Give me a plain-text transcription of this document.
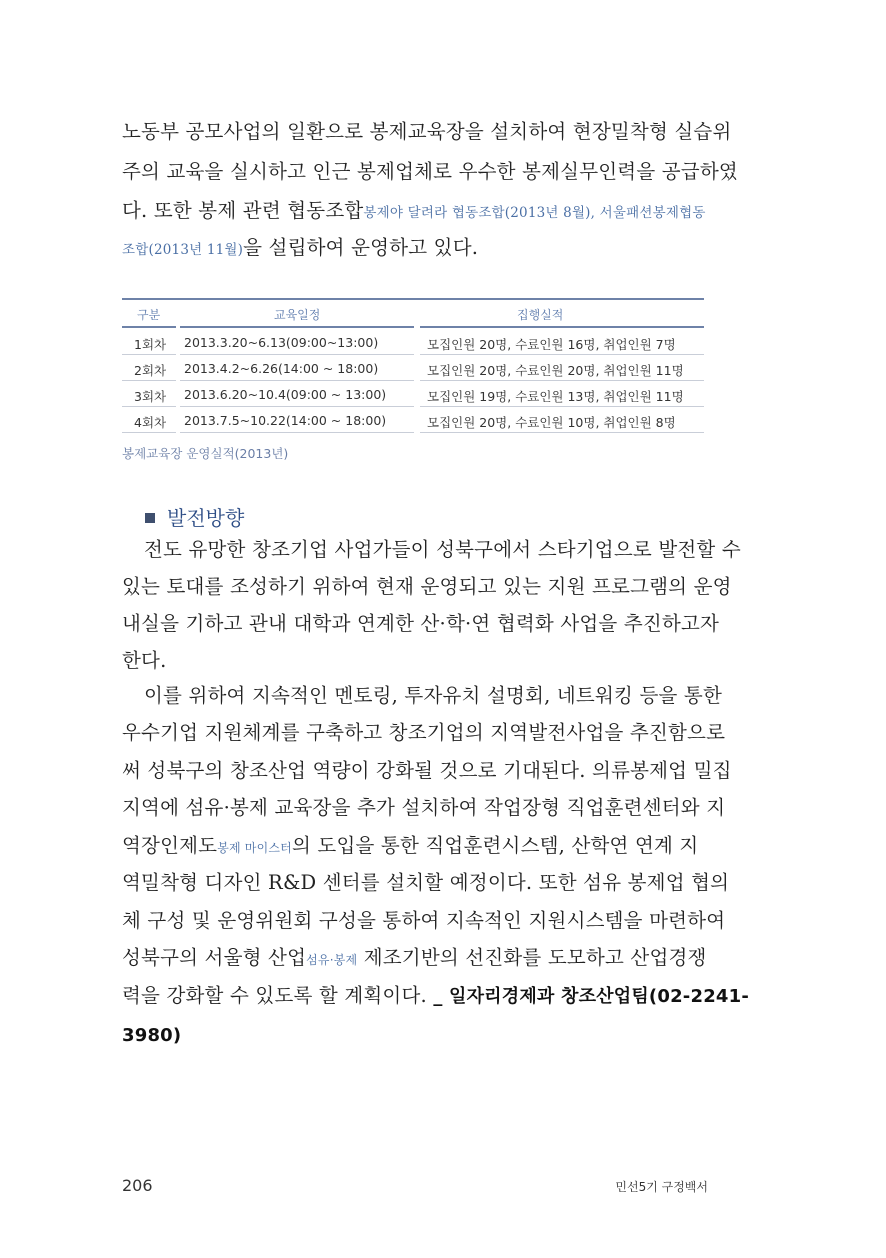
노동부 공모사업의 일환으로 봉제교육장을 설치하여 현장밀착형 실습위
주의 교육을 실시하고 인근 봉제업체로 우수한 봉제실무인력을 공급하였
다. 또한 봉제 관련 협동조합봉제야 달려라 협동조합(2013년 8월), 서울패션봉제협동
조합(2013년 11월)을 설립하여 운영하고 있다.
구분	교육일정	집행실적
1회차 2013.3.20~6.13(09:00~13:00)	모집인원 20명, 수료인원 16명, 취업인원 7명
2회차 2013.4.2~6.26(14:00 ~ 18:00)	모집인원 20명, 수료인원 20명, 취업인원 11명
3회차 2013.6.20~10.4(09:00 ~ 13:00)	모집인원 19명, 수료인원 13명, 취업인원 11명
4회차 2013.7.5~10.22(14:00 ~ 18:00)	모집인원 20명, 수료인원 10명, 취업인원 8명
봉제교육장 운영실적(2013년)
발전방향
전도 유망한 창조기업 사업가들이 성북구에서 스타기업으로 발전할 수
있는 토대를 조성하기 위하여 현재 운영되고 있는 지원 프로그램의 운영
내실을 기하고 관내 대학과 연계한 산·학·연 협력화 사업을 추진하고자
한다.
이를 위하여 지속적인 멘토링, 투자유치 설명회, 네트워킹 등을 통한
우수기업 지원체계를 구축하고 창조기업의 지역발전사업을 추진함으로
써 성북구의 창조산업 역량이 강화될 것으로 기대된다. 의류봉제업 밀집
지역에 섬유·봉제 교육장을 추가 설치하여 작업장형 직업훈련센터와 지
역장인제도봉제 마이스터의 도입을 통한 직업훈련시스템, 산학연 연계 지
역밀착형 디자인 R&D 센터를 설치할 예정이다. 또한 섬유 봉제업 협의
체 구성 및 운영위원회 구성을 통하여 지속적인 지원시스템을 마련하여
성북구의 서울형 산업섬유·봉제 제조기반의 선진화를 도모하고 산업경쟁
력을 강화할 수 있도록 할 계획이다. _ 일자리경제과 창조산업팀(02-2241-
3980)
206	민선5기 구정백서
